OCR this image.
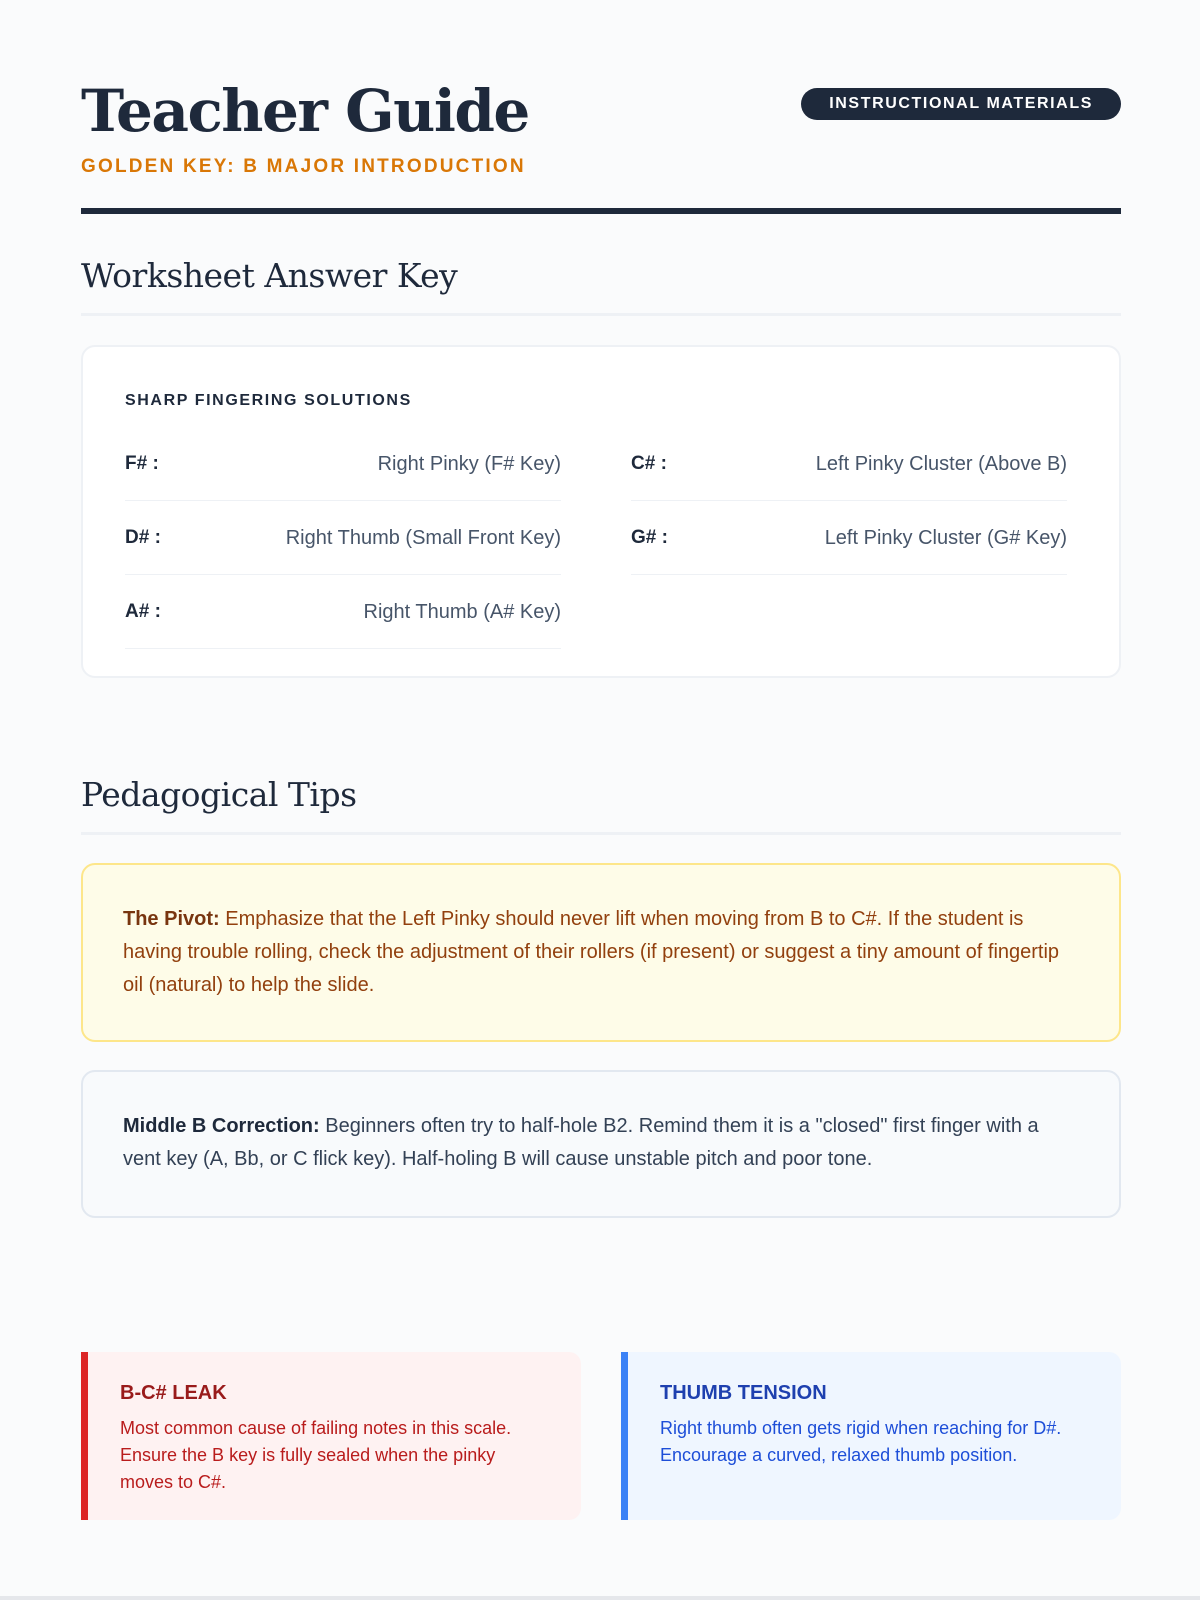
Teacher Guide
GOLDEN KEY: B MAJOR INTRODUCTION
INSTRUCTIONAL MATERIALS
Worksheet Answer Key
SHARP FINGERING SOLUTIONS
F# :	Right Pinky (F# Key)	C# :	Left Pinky Cluster (Above B)
D# :	Right Thumb (Small Front Key)	G# :	Left Pinky Cluster (G# Key)
A# :	Right Thumb (A# Key)
Pedagogical Tips
The Pivot: Emphasize that the Left Pinky should never lift when moving from B to C#. If the student is having trouble rolling, check the adjustment of their rollers (if present) or suggest a tiny amount of fingertip oil (natural) to help the slide.
Middle B Correction: Beginners often try to half-hole B2. Remind them it is a "closed" first finger with a vent key (A, Bb, or C flick key). Half-holing B will cause unstable pitch and poor tone.
B-C# LEAK
Most common cause of failing notes in this scale. Ensure the B key is fully sealed when the pinky moves to C#.
THUMB TENSION
Right thumb often gets rigid when reaching for D#. Encourage a curved, relaxed thumb position.
